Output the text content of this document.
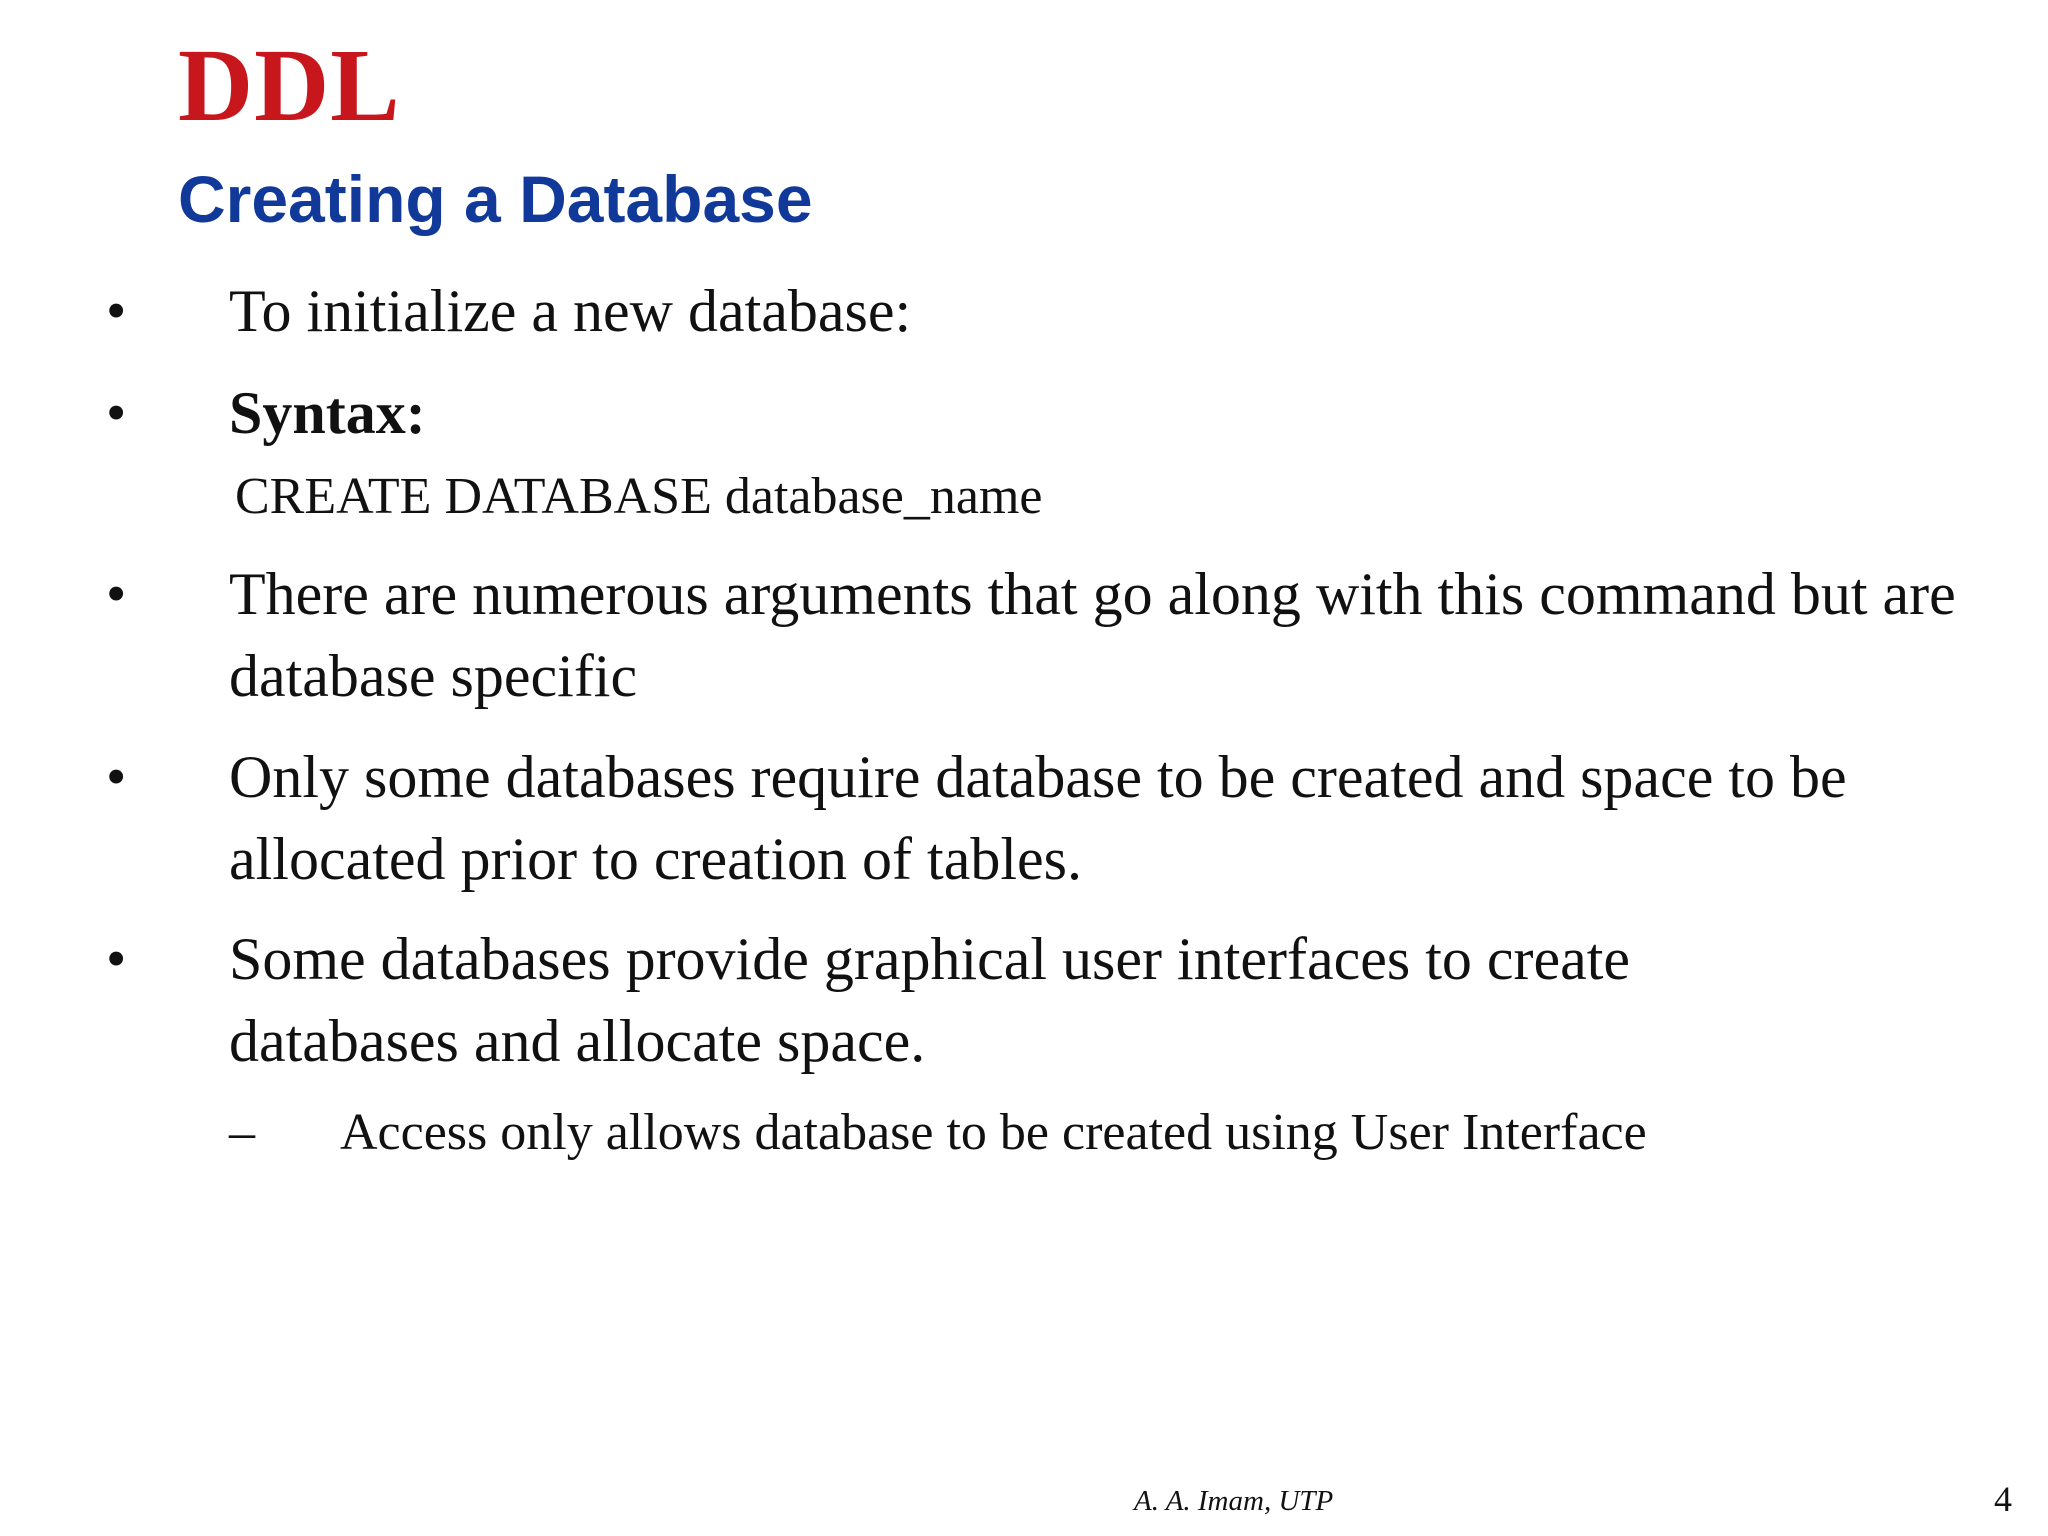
DDL
Creating a Database
• To initialize a new database:
• Syntax:
CREATE DATABASE database_name
• There are numerous arguments that go along with this command but are database specific
• Only some databases require database to be created and space to be allocated prior to creation of tables.
• Some databases provide graphical user interfaces to create databases and allocate space.
– Access only allows database to be created using User Interface
A. A. Imam, UTP	4
